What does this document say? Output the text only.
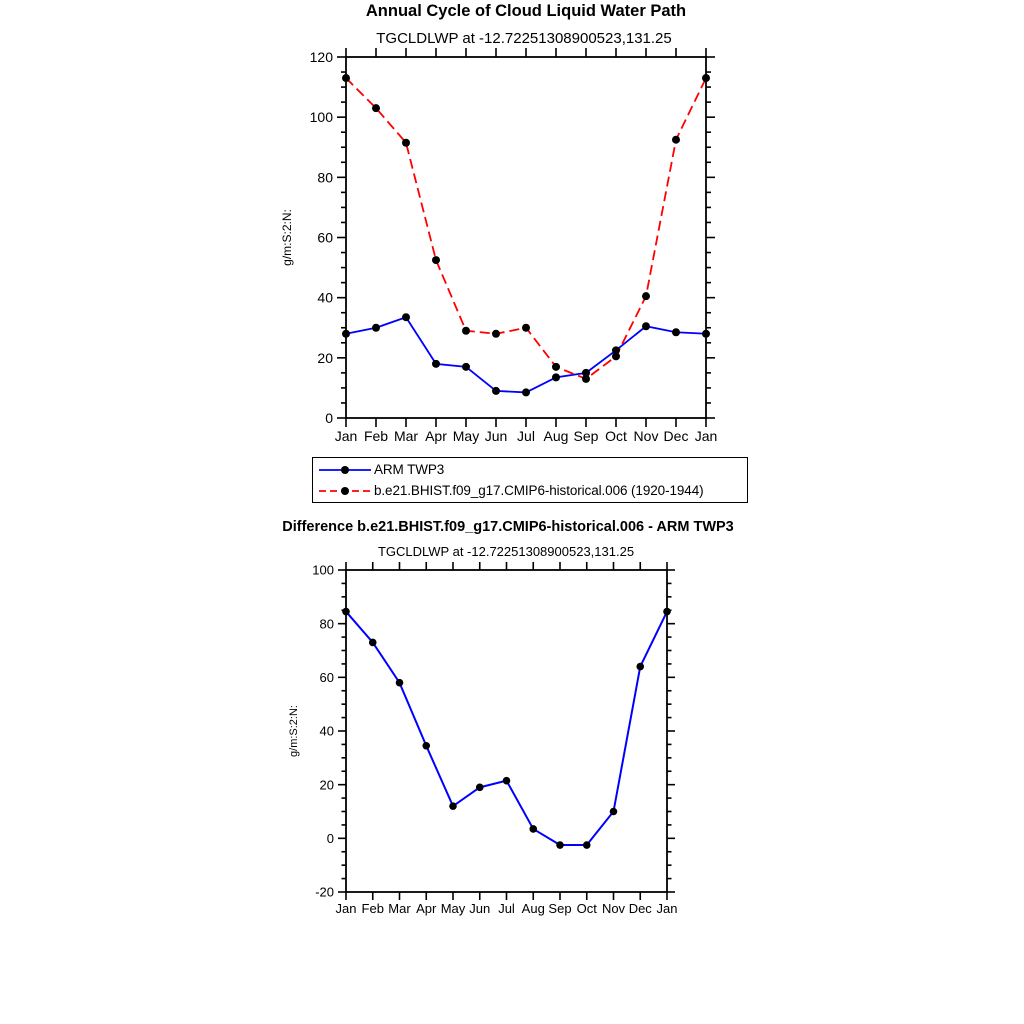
Annual Cycle of Cloud Liquid Water Path
TGCLDLWP at -12.72251308900523,131.25
Difference b.e21.BHIST.f09_g17.CMIP6-historical.006 - ARM TWP3
TGCLDLWP at -12.72251308900523,131.25
0
20
40
60
80
100
120
Jan Feb Mar Apr May Jun Jul Aug Sep Oct Nov Dec Jan
g/m:S:2:N:
-20
0
20
40
60
80
100
Jan Feb Mar Apr May Jun Jul Aug Sep Oct Nov Dec Jan
g/m:S:2:N:
ARM TWP3
b.e21.BHIST.f09_g17.CMIP6-historical.006 (1920-1944)
